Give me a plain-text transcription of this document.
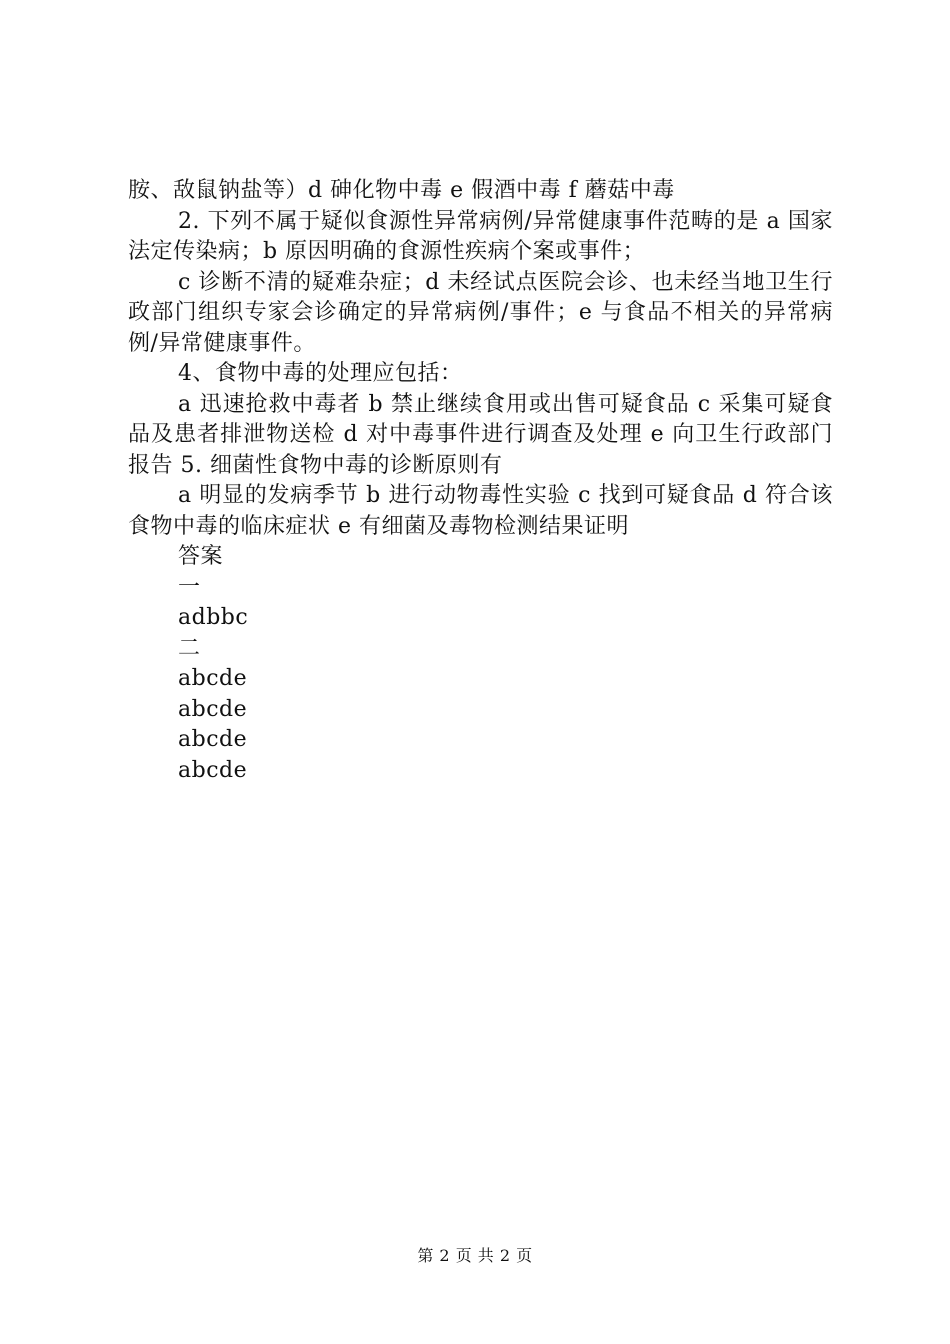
胺、敌鼠钠盐等）d 砷化物中毒 e 假酒中毒 f 蘑菇中毒

2. 下列不属于疑似食源性异常病例/异常健康事件范畴的是 a 国家法定传染病；b 原因明确的食源性疾病个案或事件；

c 诊断不清的疑难杂症；d 未经试点医院会诊、也未经当地卫生行政部门组织专家会诊确定的异常病例/事件；e 与食品不相关的异常病例/异常健康事件。

4、食物中毒的处理应包括：

a 迅速抢救中毒者 b 禁止继续食用或出售可疑食品 c 采集可疑食品及患者排泄物送检 d 对中毒事件进行调查及处理 e 向卫生行政部门报告 5. 细菌性食物中毒的诊断原则有

a 明显的发病季节 b 进行动物毒性实验 c 找到可疑食品 d 符合该食物中毒的临床症状 e 有细菌及毒物检测结果证明

答案

一

adbbc

二

abcde

abcde

abcde

abcde

第 2 页 共 2 页
